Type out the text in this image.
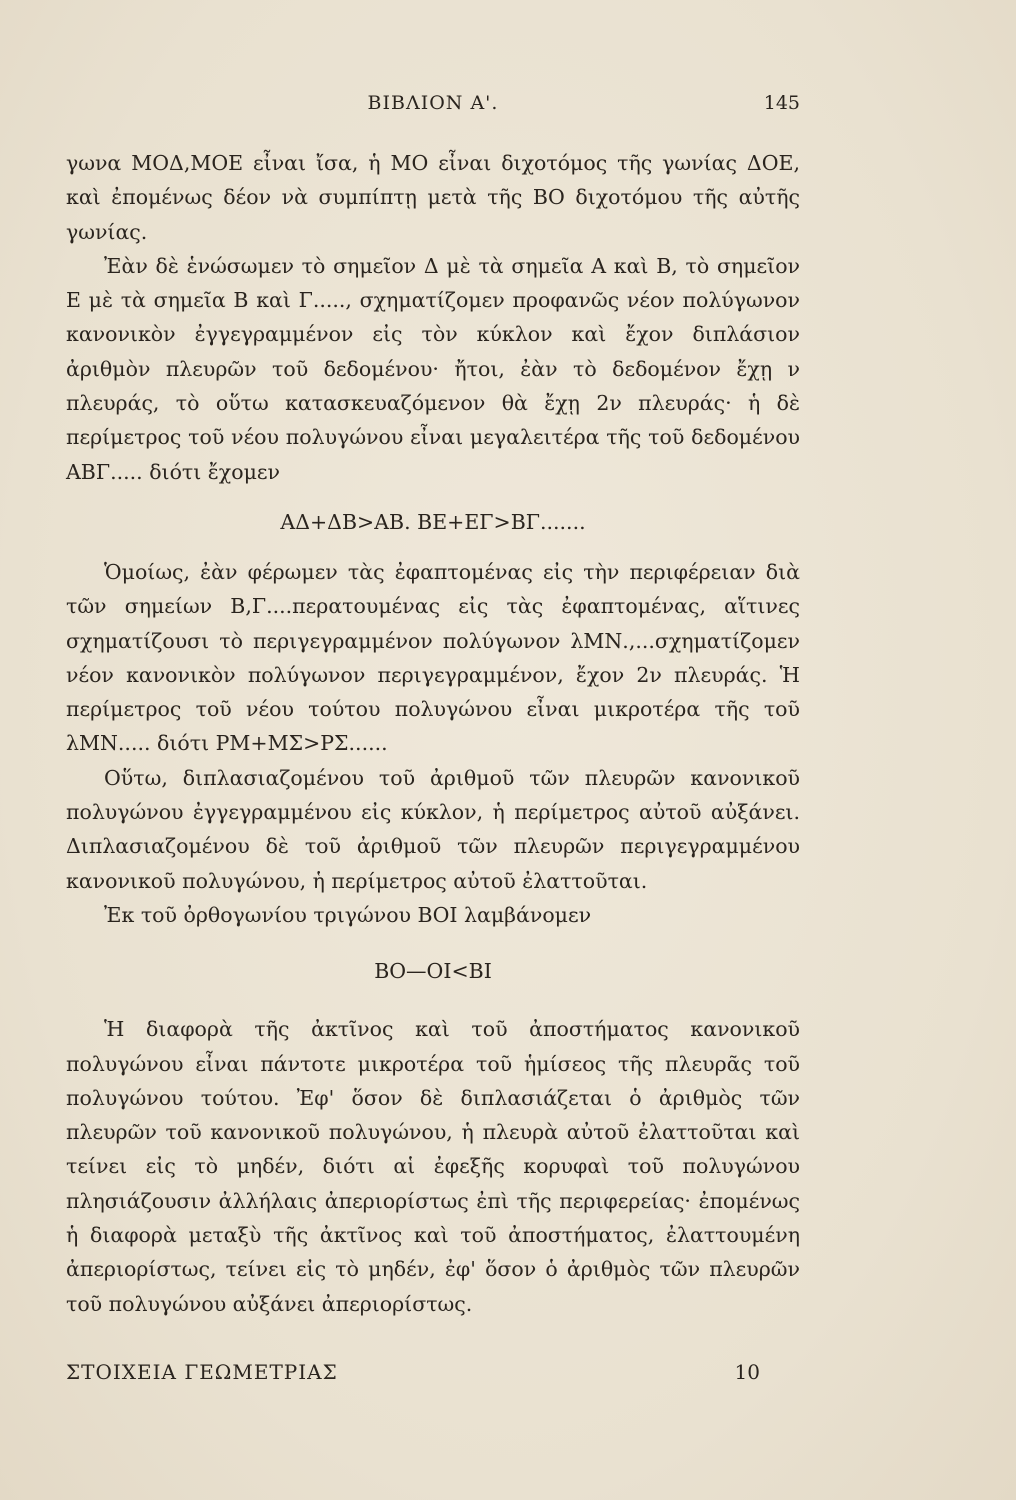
ΒΙΒΛΙΟΝ Α'.	145

γωνα ΜΟΔ,ΜΟΕ εἶναι ἴσα, ἡ ΜΟ εἶναι διχοτόμος τῆς γωνίας ΔΟΕ, καὶ ἐπομένως δέον νὰ συμπίπτῃ μετὰ τῆς ΒΟ διχοτόμου τῆς αὐτῆς γωνίας.

Ἐὰν δὲ ἑνώσωμεν τὸ σημεῖον Δ μὲ τὰ σημεῖα Α καὶ Β, τὸ σημεῖον Ε μὲ τὰ σημεῖα Β καὶ Γ....., σχηματίζομεν προφανῶς νέον πολύγωνον κανονικὸν ἐγγεγραμμένον εἰς τὸν κύκλον καὶ ἔχον διπλάσιον ἀριθμὸν πλευρῶν τοῦ δεδομένου· ἤτοι, ἐὰν τὸ δεδομένον ἔχῃ ν πλευράς, τὸ οὕτω κατασκευαζόμενον θὰ ἔχῃ 2ν πλευράς· ἡ δὲ περίμετρος τοῦ νέου πολυγώνου εἶναι μεγαλειτέρα τῆς τοῦ δεδομένου ΑΒΓ..... διότι ἔχομεν

ΑΔ+ΔΒ>ΑΒ. ΒΕ+ΕΓ>ΒΓ.......

Ὁμοίως, ἐὰν φέρωμεν τὰς ἐφαπτομένας εἰς τὴν περιφέρειαν διὰ τῶν σημείων Β,Γ....περατουμένας εἰς τὰς ἐφαπτομένας, αἵτινες σχηματίζουσι τὸ περιγεγραμμένον πολύγωνον λΜΝ.,...σχηματίζομεν νέον κανονικὸν πολύγωνον περιγεγραμμένον, ἔχον 2ν πλευράς. Ἡ περίμετρος τοῦ νέου τούτου πολυγώνου εἶναι μικροτέρα τῆς τοῦ λΜΝ..... διότι ΡΜ+ΜΣ>ΡΣ......

Οὕτω, διπλασιαζομένου τοῦ ἀριθμοῦ τῶν πλευρῶν κανονικοῦ πολυγώνου ἐγγεγραμμένου εἰς κύκλον, ἡ περίμετρος αὐτοῦ αὐξάνει. Διπλασιαζομένου δὲ τοῦ ἀριθμοῦ τῶν πλευρῶν περιγεγραμμένου κανονικοῦ πολυγώνου, ἡ περίμετρος αὐτοῦ ἐλαττοῦται.

Ἐκ τοῦ ὀρθογωνίου τριγώνου ΒΟΙ λαμβάνομεν

ΒΟ—ΟΙ<ΒΙ

Ἡ διαφορὰ τῆς ἀκτῖνος καὶ τοῦ ἀποστήματος κανονικοῦ πολυγώνου εἶναι πάντοτε μικροτέρα τοῦ ἡμίσεος τῆς πλευρᾶς τοῦ πολυγώνου τούτου. Ἐφ' ὅσον δὲ διπλασιάζεται ὁ ἀριθμὸς τῶν πλευρῶν τοῦ κανονικοῦ πολυγώνου, ἡ πλευρὰ αὐτοῦ ἐλαττοῦται καὶ τείνει εἰς τὸ μηδέν, διότι αἱ ἐφεξῆς κορυφαὶ τοῦ πολυγώνου πλησιάζουσιν ἀλλήλαις ἀπεριορίστως ἐπὶ τῆς περιφερείας· ἐπομένως ἡ διαφορὰ μεταξὺ τῆς ἀκτῖνος καὶ τοῦ ἀποστήματος, ἐλαττουμένη ἀπεριορίστως, τείνει εἰς τὸ μηδέν, ἐφ' ὅσον ὁ ἀριθμὸς τῶν πλευρῶν τοῦ πολυγώνου αὐξάνει ἀπεριορίστως.

ΣΤΟΙΧΕΙΑ ΓΕΩΜΕΤΡΙΑΣ	10
